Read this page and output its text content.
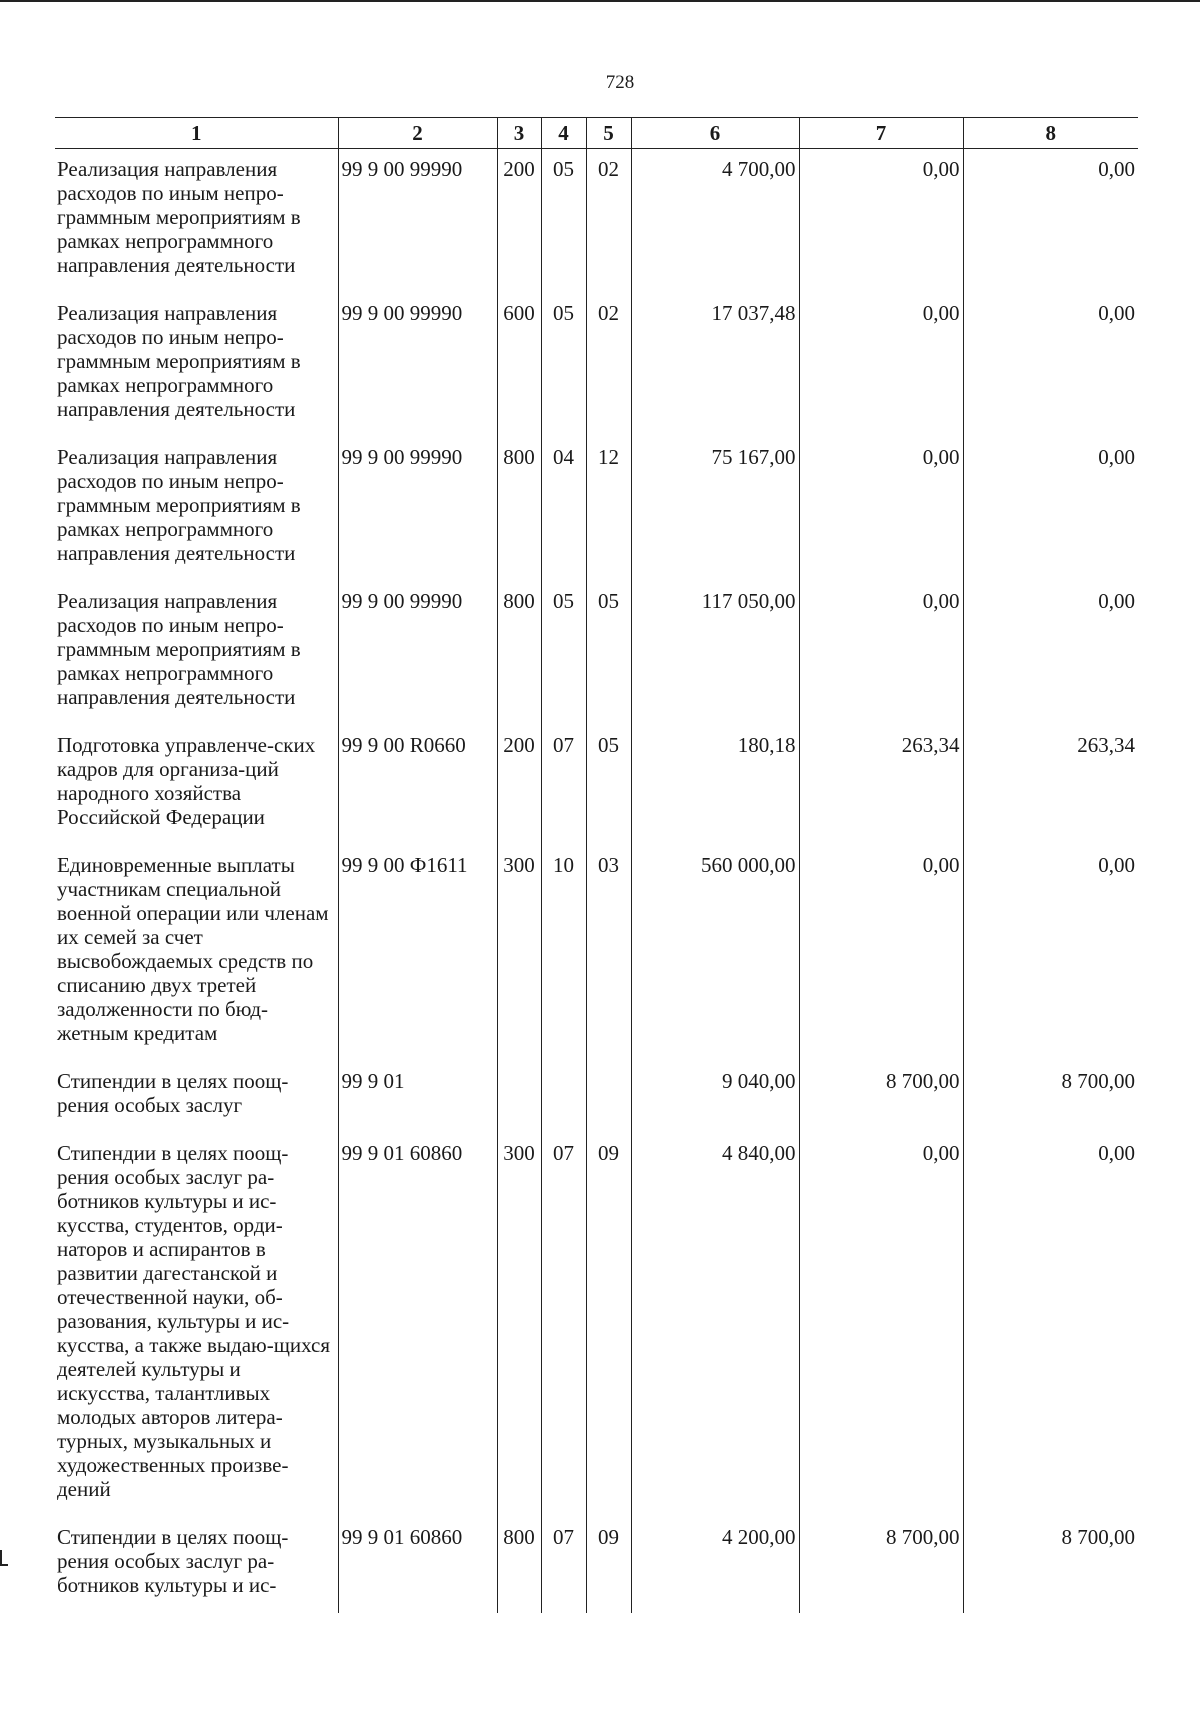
728
1	2	3	4	5	6	7	8
Реализация направления расходов по иным непро-граммным мероприятиям в рамках непрограммного направления деятельности	99 9 00 99990	200	05	02	4 700,00	0,00	0,00
Реализация направления расходов по иным непро-граммным мероприятиям в рамках непрограммного направления деятельности	99 9 00 99990	600	05	02	17 037,48	0,00	0,00
Реализация направления расходов по иным непро-граммным мероприятиям в рамках непрограммного направления деятельности	99 9 00 99990	800	04	12	75 167,00	0,00	0,00
Реализация направления расходов по иным непро-граммным мероприятиям в рамках непрограммного направления деятельности	99 9 00 99990	800	05	05	117 050,00	0,00	0,00
Подготовка управленче-ских кадров для организа-ций народного хозяйства Российской Федерации	99 9 00 R0660	200	07	05	180,18	263,34	263,34
Единовременные выплаты участникам специальной военной операции или членам их семей за счет высвобождаемых средств по списанию двух третей задолженности по бюд-жетным кредитам	99 9 00 Ф1611	300	10	03	560 000,00	0,00	0,00
Стипендии в целях поощ-рения особых заслуг	99 9 01				9 040,00	8 700,00	8 700,00
Стипендии в целях поощ-рения особых заслуг ра-ботников культуры и ис-кусства, студентов, орди-наторов и аспирантов в развитии дагестанской и отечественной науки, об-разования, культуры и ис-кусства, а также выдаю-щихся деятелей культуры и искусства, талантливых молодых авторов литера-турных, музыкальных и художественных произве-дений	99 9 01 60860	300	07	09	4 840,00	0,00	0,00
Стипендии в целях поощ-рения особых заслуг ра-ботников культуры и ис-	99 9 01 60860	800	07	09	4 200,00	8 700,00	8 700,00
